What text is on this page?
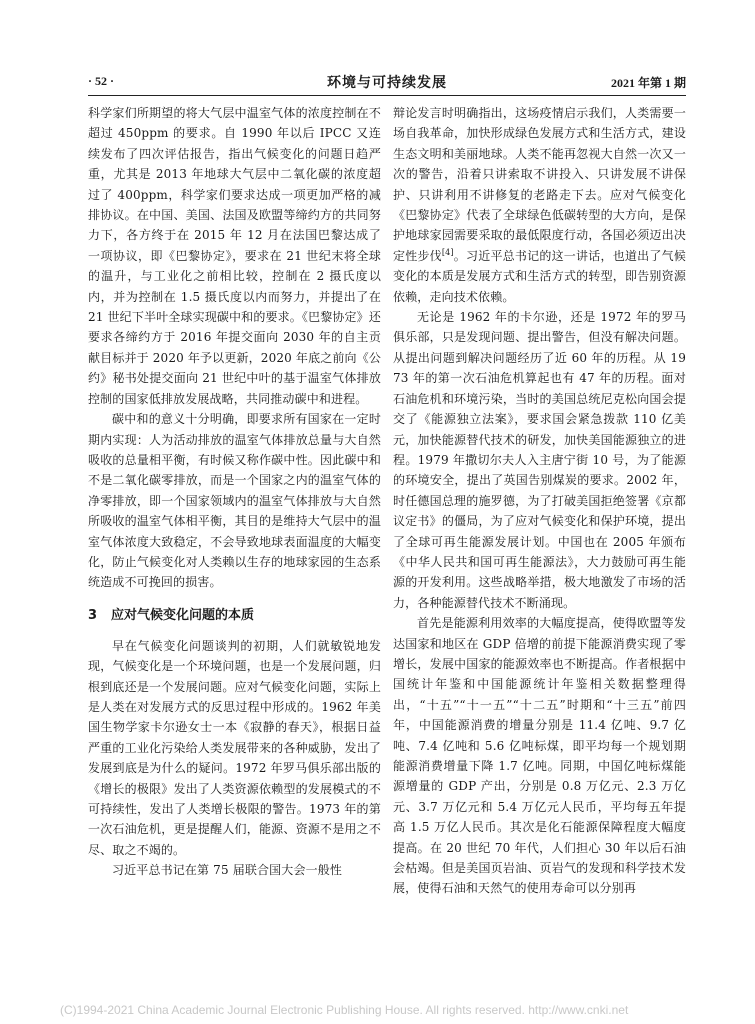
· 52 ·	环境与可持续发展	2021 年第 1 期

科学家们所期望的将大气层中温室气体的浓度控制在不超过 450ppm 的要求。自 1990 年以后 IPCC 又连续发布了四次评估报告，指出气候变化的问题日趋严重，尤其是 2013 年地球大气层中二氧化碳的浓度超过了 400ppm，科学家们要求达成一项更加严格的减排协议。在中国、美国、法国及欧盟等缔约方的共同努力下，各方终于在 2015 年 12 月在法国巴黎达成了一项协议，即《巴黎协定》，要求在 21 世纪末将全球的温升，与工业化之前相比较，控制在 2 摄氏度以内，并为控制在 1.5 摄氏度以内而努力，并提出了在 21 世纪下半叶全球实现碳中和的要求。《巴黎协定》还要求各缔约方于 2016 年提交面向 2030 年的自主贡献目标并于 2020 年予以更新，2020 年底之前向《公约》秘书处提交面向 21 世纪中叶的基于温室气体排放控制的国家低排放发展战略，共同推动碳中和进程。

碳中和的意义十分明确，即要求所有国家在一定时期内实现：人为活动排放的温室气体排放总量与大自然吸收的总量相平衡，有时候又称作碳中性。因此碳中和不是二氧化碳零排放，而是一个国家之内的温室气体的净零排放，即一个国家领域内的温室气体排放与大自然所吸收的温室气体相平衡，其目的是维持大气层中的温室气体浓度大致稳定，不会导致地球表面温度的大幅变化，防止气候变化对人类赖以生存的地球家园的生态系统造成不可挽回的损害。

3 应对气候变化问题的本质

早在气候变化问题谈判的初期，人们就敏锐地发现，气候变化是一个环境问题，也是一个发展问题，归根到底还是一个发展问题。应对气候变化问题，实际上是人类在对发展方式的反思过程中形成的。1962 年美国生物学家卡尔逊女士一本《寂静的春天》，根据日益严重的工业化污染给人类发展带来的各种威胁，发出了发展到底是为什么的疑问。1972 年罗马俱乐部出版的《增长的极限》发出了人类资源依赖型的发展模式的不可持续性，发出了人类增长极限的警告。1973 年的第一次石油危机，更是提醒人们，能源、资源不是用之不尽、取之不竭的。

习近平总书记在第 75 届联合国大会一般性

辩论发言时明确指出，这场疫情启示我们，人类需要一场自我革命，加快形成绿色发展方式和生活方式，建设生态文明和美丽地球。人类不能再忽视大自然一次又一次的警告，沿着只讲索取不讲投入、只讲发展不讲保护、只讲利用不讲修复的老路走下去。应对气候变化《巴黎协定》代表了全球绿色低碳转型的大方向，是保护地球家园需要采取的最低限度行动，各国必须迈出决定性步伐[4]。习近平总书记的这一讲话，也道出了气候变化的本质是发展方式和生活方式的转型，即告别资源依赖，走向技术依赖。

无论是 1962 年的卡尔逊，还是 1972 年的罗马俱乐部，只是发现问题、提出警告，但没有解决问题。从提出问题到解决问题经历了近 60 年的历程。从 1973 年的第一次石油危机算起也有 47 年的历程。面对石油危机和环境污染，当时的美国总统尼克松向国会提交了《能源独立法案》，要求国会紧急拨款 110 亿美元，加快能源替代技术的研发，加快美国能源独立的进程。1979 年撒切尔夫人入主唐宁街 10 号，为了能源的环境安全，提出了英国告别煤炭的要求。2002 年，时任德国总理的施罗德，为了打破美国拒绝签署《京都议定书》的僵局，为了应对气候变化和保护环境，提出了全球可再生能源发展计划。中国也在 2005 年颁布《中华人民共和国可再生能源法》，大力鼓励可再生能源的开发利用。这些战略举措，极大地激发了市场的活力，各种能源替代技术不断涌现。

首先是能源利用效率的大幅度提高，使得欧盟等发达国家和地区在 GDP 倍增的前提下能源消费实现了零增长，发展中国家的能源效率也不断提高。作者根据中国统计年鉴和中国能源统计年鉴相关数据整理得出，“十五”“十一五”“十二五”时期和“十三五”前四年，中国能源消费的增量分别是 11.4 亿吨、9.7 亿吨、7.4 亿吨和 5.6 亿吨标煤，即平均每一个规划期能源消费增量下降 1.7 亿吨。同期，中国亿吨标煤能源增量的 GDP 产出，分别是 0.8 万亿元、2.3 万亿元、3.7 万亿元和 5.4 万亿元人民币，平均每五年提高 1.5 万亿人民币。其次是化石能源保障程度大幅度提高。在 20 世纪 70 年代，人们担心 30 年以后石油会枯竭。但是美国页岩油、页岩气的发现和科学技术发展，使得石油和天然气的使用寿命可以分别再

(C)1994-2021 China Academic Journal Electronic Publishing House. All rights reserved. http://www.cnki.net
